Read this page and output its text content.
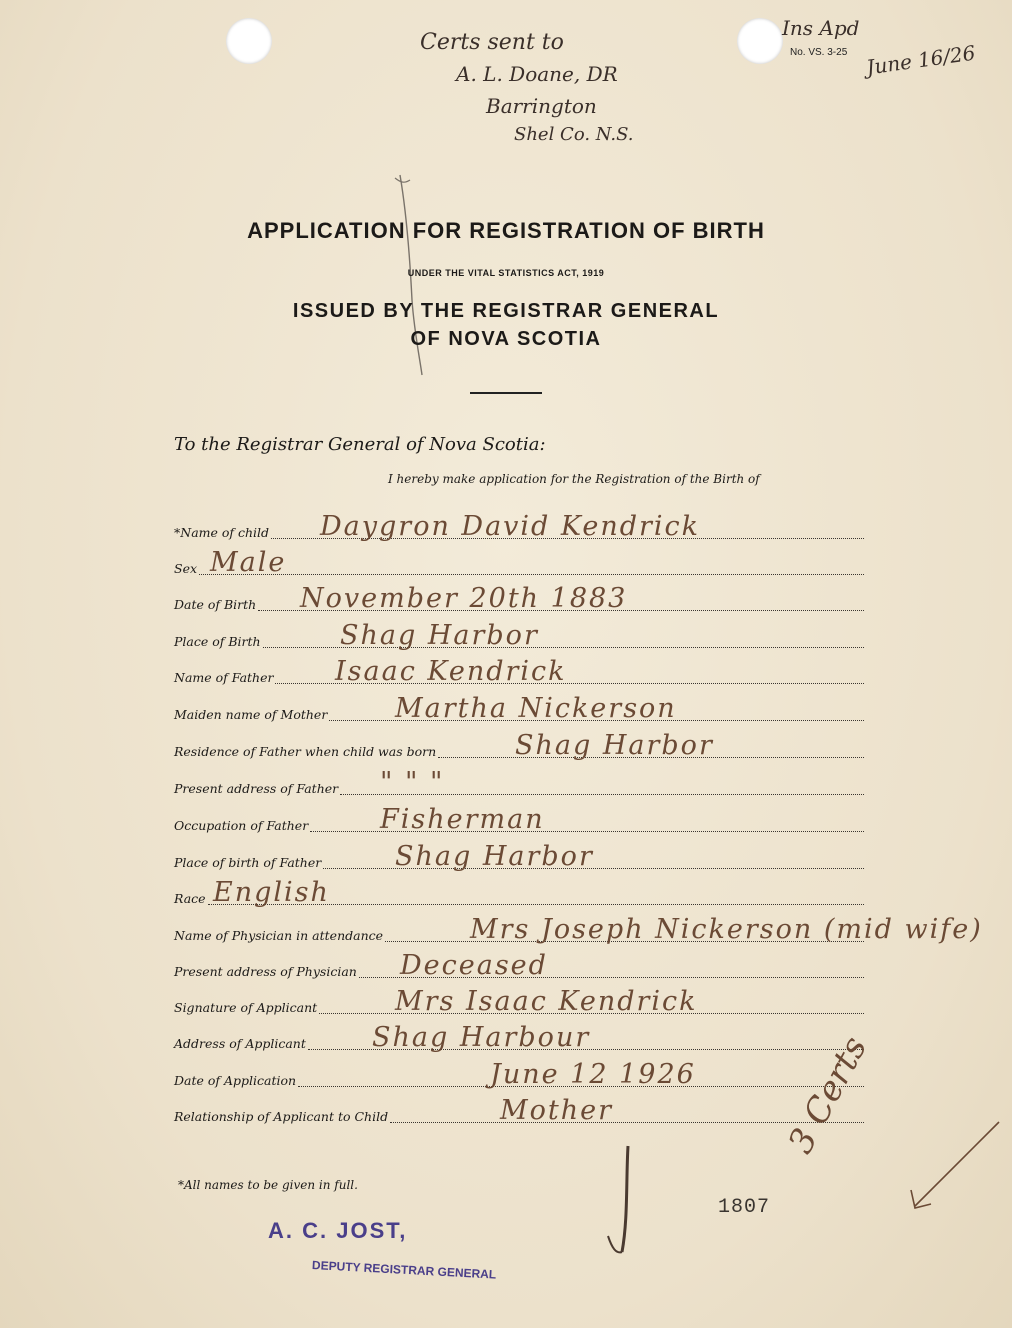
No. VS. 3-25
Certs sent to
A. L. Doane, DR
Barrington
Shel Co. N.S.
Ins Apd
June 16/26
APPLICATION FOR REGISTRATION OF BIRTH
UNDER THE VITAL STATISTICS ACT, 1919
ISSUED BY THE REGISTRAR GENERAL
OF NOVA SCOTIA
To the Registrar General of Nova Scotia:
I hereby make application for the Registration of the Birth of
*Name of child Daygron David Kendrick
Sex Male
Date of Birth November 20th 1883
Place of Birth	Shag Harbor
Name of Father Isaac Kendrick
Maiden name of Mother	Martha Nickerson
Residence of Father when child was born	Shag Harbor
Present address of Father " " "
Occupation of Father	Fisherman
Place of birth of Father	Shag Harbor
Race English
Name of Physician in attendance	Mrs Joseph Nickerson (mid wife)
Present address of Physician Deceased
Signature of Applicant	Mrs Isaac Kendrick
Address of Applicant Shag Harbour
Date of Application	June 12 1926
Relationship of Applicant to Child	Mother
*All names to be given in full.
1807
3 Certs
A. C. JOST,
DEPUTY REGISTRAR GENERAL
